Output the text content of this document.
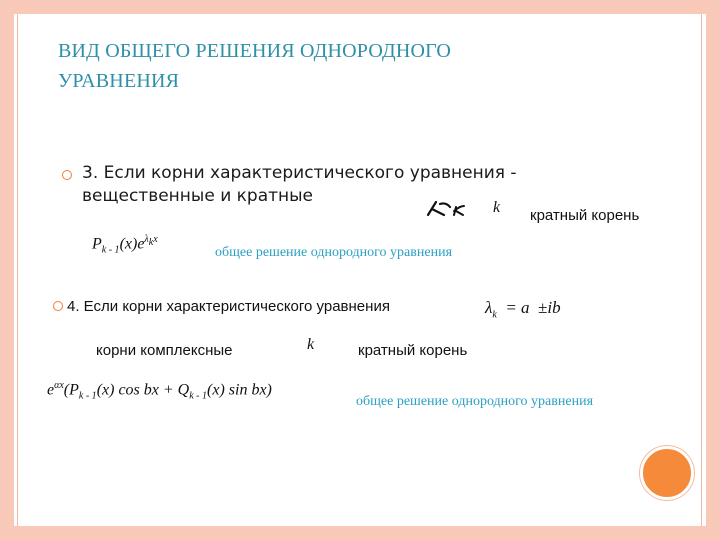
ВИД ОБЩЕГО РЕШЕНИЯ ОДНОРОДНОГО
УРАВНЕНИЯ
3. Если корни характеристического уравнения -
вещественные и кратные
k кратный корень
$P_{k - 1}(x)e^{\lambda_kx}$
общее решение однородного уравнения
4. Если корни характеристического уравнения	$\lambda_k = a \pm ib$
корни комплексные	k	кратный корень
$e^{\alpha x}(P_{k - 1}(x)$ cos bx + $Q_{k - 1}(x)$ sin bx)
общее решение однородного уравнения
